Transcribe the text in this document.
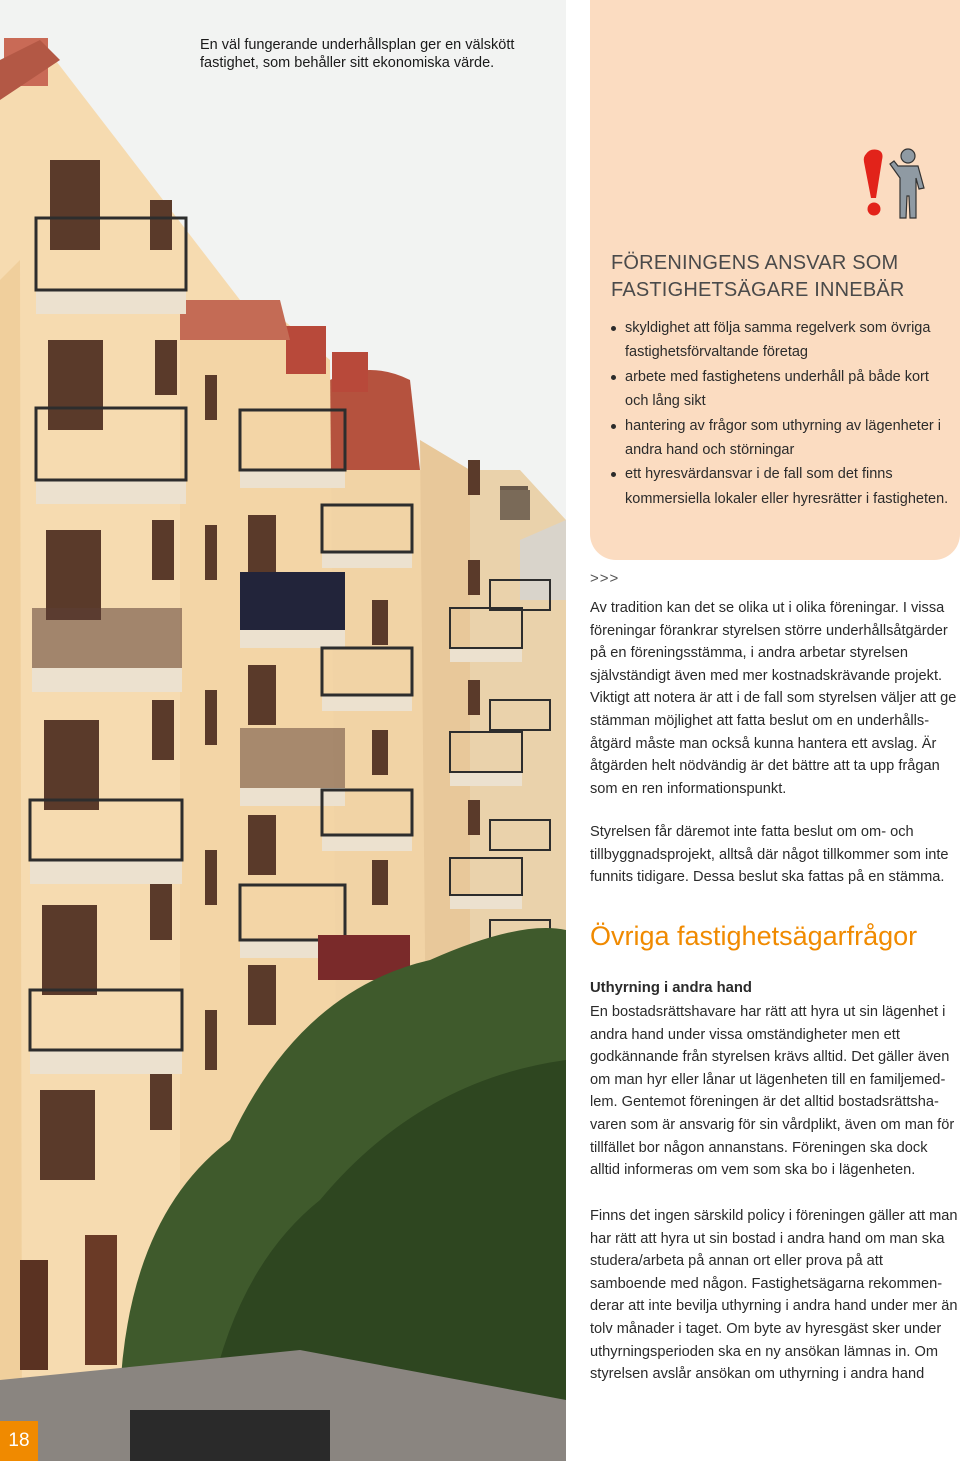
En väl fungerande underhållsplan ger en välskött fastighet, som behåller sitt ekonomiska värde.
18
FÖRENINGENS ANSVAR SOM FASTIGHETSÄGARE INNEBÄR
skyldighet att följa samma regelverk som övriga fastighetsförvaltande företag
arbete med fastighetens underhåll på både kort och lång sikt
hantering av frågor som uthyrning av lägenheter i andra hand och störningar
ett hyresvärdansvar i de fall som det finns kommersiella lokaler eller hyresrätter i fastigheten.
>>>

Av tradition kan det se olika ut i olika föreningar. I vissa föreningar förankrar styrelsen större underhållsåtgärder på en föreningsstämma, i andra arbetar styrelsen självständigt även med mer kostnadskrävande projekt. Viktigt att notera är att i de fall som styrelsen väljer att ge stämman möjlighet att fatta beslut om en underhållsåtgärd måste man också kunna hantera ett avslag. Är åtgärden helt nödvändig är det bättre att ta upp frågan som en ren informationspunkt.

Styrelsen får däremot inte fatta beslut om om- och tillbyggnadsprojekt, alltså där något tillkommer som inte funnits tidigare. Dessa beslut ska fattas på en stämma.

Övriga fastighetsägarfrågor
Uthyrning i andra hand

En bostadsrättshavare har rätt att hyra ut sin lägenhet i andra hand under vissa omständigheter men ett godkännande från styrelsen krävs alltid. Det gäller även om man hyr eller lånar ut lägenheten till en familjemedlem. Gentemot föreningen är det alltid bostadsrättshavaren som är ansvarig för sin vårdplikt, även om man för tillfället bor någon annanstans. Föreningen ska dock alltid informeras om vem som ska bo i lägenheten.

Finns det ingen särskild policy i föreningen gäller att man har rätt att hyra ut sin bostad i andra hand om man ska studera/arbeta på annan ort eller prova på att samboende med någon. Fastighetsägarna rekommenderar att inte bevilja uthyrning i andra hand under mer än tolv månader i taget. Om byte av hyresgäst sker under uthyrningsperioden ska en ny ansökan lämnas in. Om styrelsen avslår ansökan om uthyrning i andra hand
